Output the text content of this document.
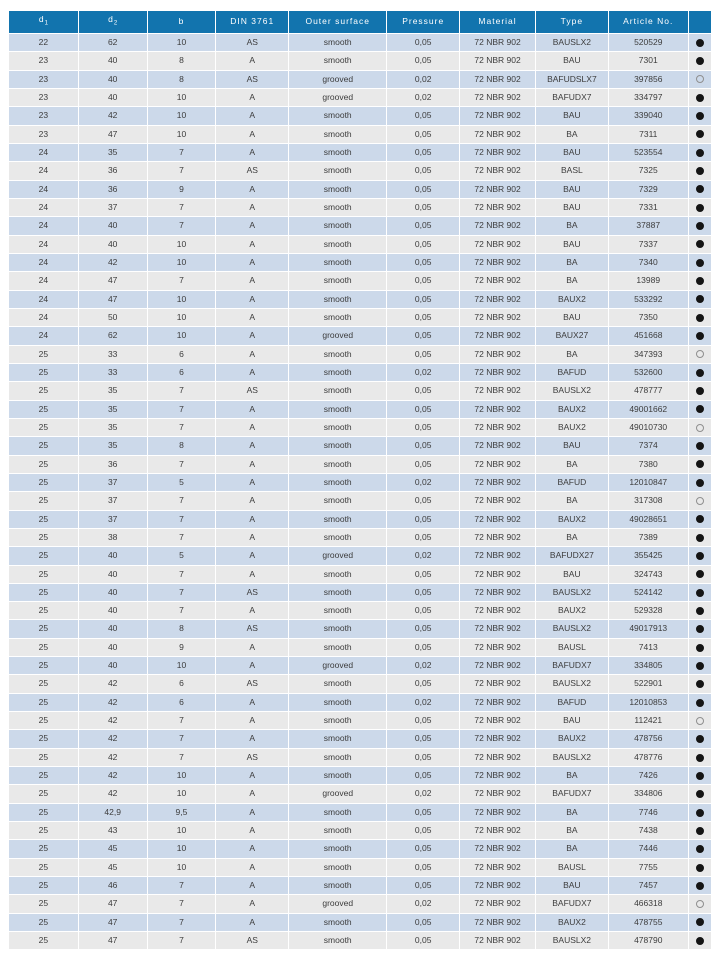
$d_1$	$d_2$	b	DIN 3761	Outer surface	Pressure	Material	Type	Article No.	
22	62	10	AS	smooth	0,05	72 NBR 902	BAUSLX2	520529	
23	40	8	A	smooth	0,05	72 NBR 902	BAU	7301	
23	40	8	AS	grooved	0,02	72 NBR 902	BAFUDSLX7	397856	
23	40	10	A	grooved	0,02	72 NBR 902	BAFUDX7	334797	
23	42	10	A	smooth	0,05	72 NBR 902	BAU	339040	
23	47	10	A	smooth	0,05	72 NBR 902	BA	7311	
24	35	7	A	smooth	0,05	72 NBR 902	BAU	523554	
24	36	7	AS	smooth	0,05	72 NBR 902	BASL	7325	
24	36	9	A	smooth	0,05	72 NBR 902	BAU	7329	
24	37	7	A	smooth	0,05	72 NBR 902	BAU	7331	
24	40	7	A	smooth	0,05	72 NBR 902	BA	37887	
24	40	10	A	smooth	0,05	72 NBR 902	BAU	7337	
24	42	10	A	smooth	0,05	72 NBR 902	BA	7340	
24	47	7	A	smooth	0,05	72 NBR 902	BA	13989	
24	47	10	A	smooth	0,05	72 NBR 902	BAUX2	533292	
24	50	10	A	smooth	0,05	72 NBR 902	BAU	7350	
24	62	10	A	grooved	0,05	72 NBR 902	BAUX27	451668	
25	33	6	A	smooth	0,05	72 NBR 902	BA	347393	
25	33	6	A	smooth	0,02	72 NBR 902	BAFUD	532600	
25	35	7	AS	smooth	0,05	72 NBR 902	BAUSLX2	478777	
25	35	7	A	smooth	0,05	72 NBR 902	BAUX2	49001662	
25	35	7	A	smooth	0,05	72 NBR 902	BAUX2	49010730	
25	35	8	A	smooth	0,05	72 NBR 902	BAU	7374	
25	36	7	A	smooth	0,05	72 NBR 902	BA	7380	
25	37	5	A	smooth	0,02	72 NBR 902	BAFUD	12010847	
25	37	7	A	smooth	0,05	72 NBR 902	BA	317308	
25	37	7	A	smooth	0,05	72 NBR 902	BAUX2	49028651	
25	38	7	A	smooth	0,05	72 NBR 902	BA	7389	
25	40	5	A	grooved	0,02	72 NBR 902	BAFUDX27	355425	
25	40	7	A	smooth	0,05	72 NBR 902	BAU	324743	
25	40	7	AS	smooth	0,05	72 NBR 902	BAUSLX2	524142	
25	40	7	A	smooth	0,05	72 NBR 902	BAUX2	529328	
25	40	8	AS	smooth	0,05	72 NBR 902	BAUSLX2	49017913	
25	40	9	A	smooth	0,05	72 NBR 902	BAUSL	7413	
25	40	10	A	grooved	0,02	72 NBR 902	BAFUDX7	334805	
25	42	6	AS	smooth	0,05	72 NBR 902	BAUSLX2	522901	
25	42	6	A	smooth	0,02	72 NBR 902	BAFUD	12010853	
25	42	7	A	smooth	0,05	72 NBR 902	BAU	112421	
25	42	7	A	smooth	0,05	72 NBR 902	BAUX2	478756	
25	42	7	AS	smooth	0,05	72 NBR 902	BAUSLX2	478776	
25	42	10	A	smooth	0,05	72 NBR 902	BA	7426	
25	42	10	A	grooved	0,02	72 NBR 902	BAFUDX7	334806	
25	42,9	9,5	A	smooth	0,05	72 NBR 902	BA	7746	
25	43	10	A	smooth	0,05	72 NBR 902	BA	7438	
25	45	10	A	smooth	0,05	72 NBR 902	BA	7446	
25	45	10	A	smooth	0,05	72 NBR 902	BAUSL	7755	
25	46	7	A	smooth	0,05	72 NBR 902	BAU	7457	
25	47	7	A	grooved	0,02	72 NBR 902	BAFUDX7	466318	
25	47	7	A	smooth	0,05	72 NBR 902	BAUX2	478755	
25	47	7	AS	smooth	0,05	72 NBR 902	BAUSLX2	478790	
